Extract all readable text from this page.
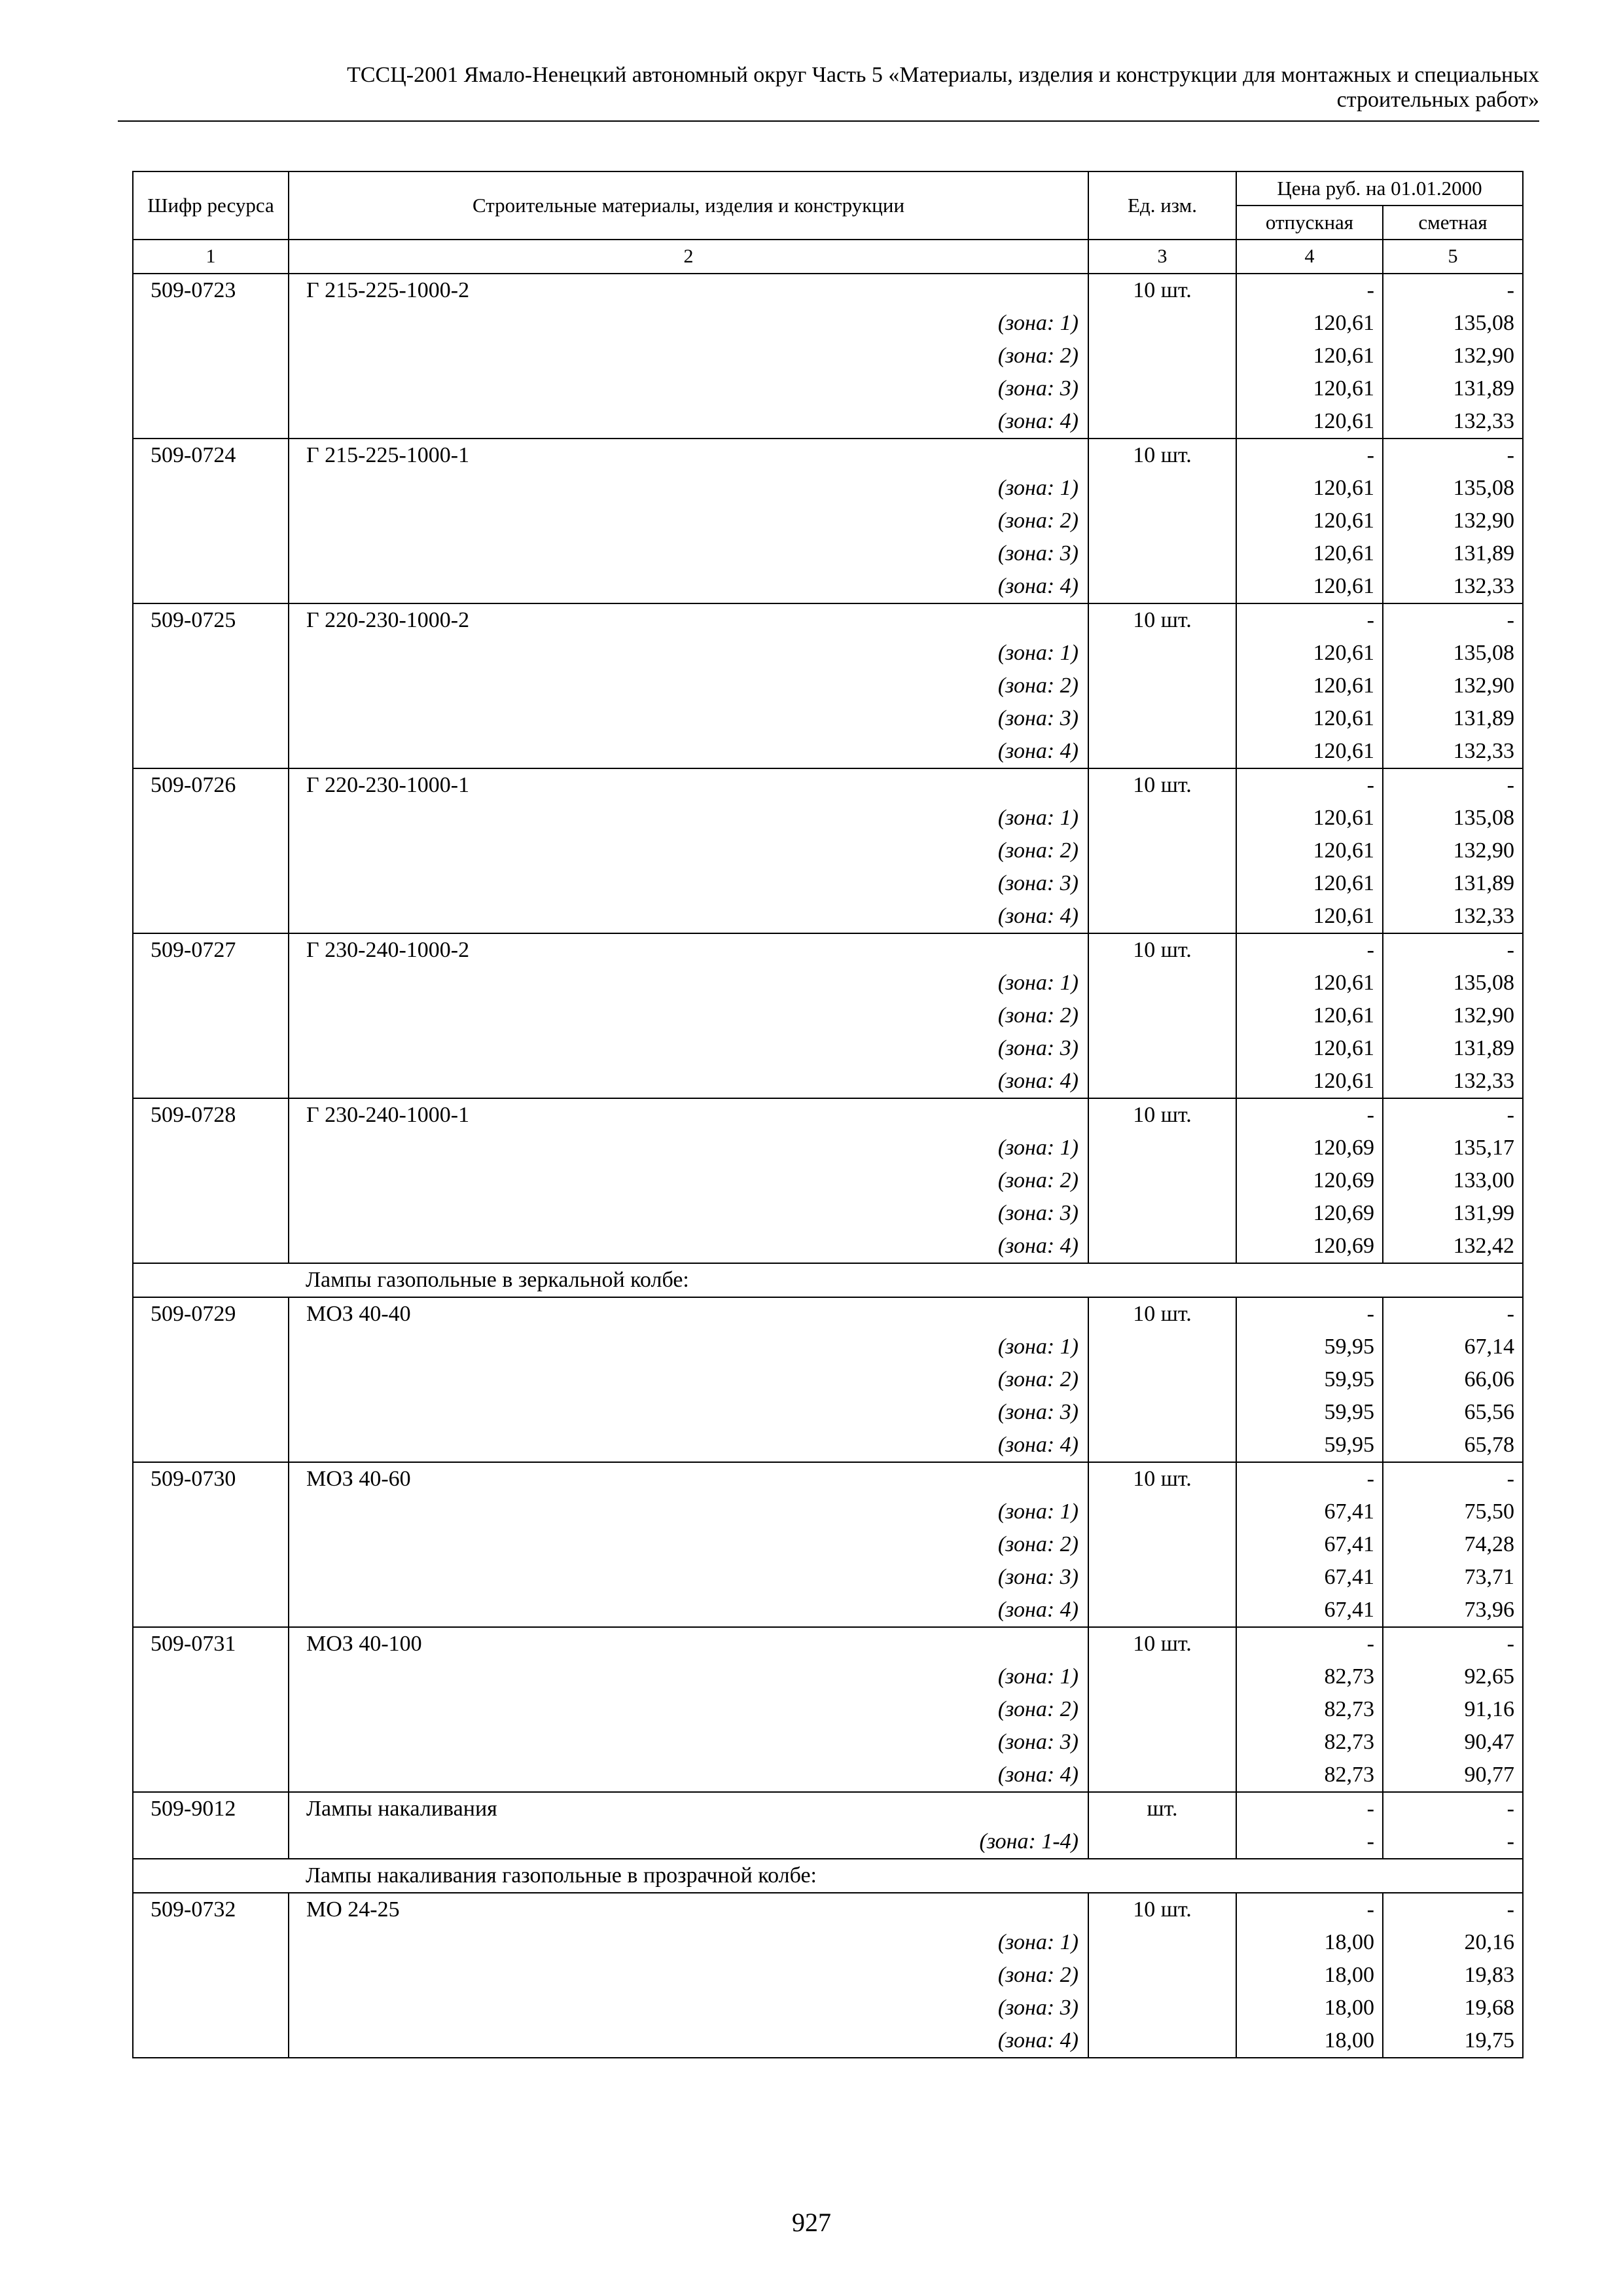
ТССЦ-2001 Ямало-Ненецкий автономный округ Часть 5 «Материалы, изделия и конструкции для монтажных и специальных
строительных работ»
Шифр ресурса	Строительные материалы, изделия и конструкции	Ед. изм.	Цена руб. на 01.01.2000	
			отпускная	сметная
1	2	3	4	5
509-0723	Г 215-225-1000-2	10 шт.	-	-
	(зона: 1)		120,61	135,08
	(зона: 2)		120,61	132,90
	(зона: 3)		120,61	131,89
	(зона: 4)		120,61	132,33
509-0724	Г 215-225-1000-1	10 шт.	-	-
	(зона: 1)		120,61	135,08
	(зона: 2)		120,61	132,90
	(зона: 3)		120,61	131,89
	(зона: 4)		120,61	132,33
509-0725	Г 220-230-1000-2	10 шт.	-	-
	(зона: 1)		120,61	135,08
	(зона: 2)		120,61	132,90
	(зона: 3)		120,61	131,89
	(зона: 4)		120,61	132,33
509-0726	Г 220-230-1000-1	10 шт.	-	-
	(зона: 1)		120,61	135,08
	(зона: 2)		120,61	132,90
	(зона: 3)		120,61	131,89
	(зона: 4)		120,61	132,33
509-0727	Г 230-240-1000-2	10 шт.	-	-
	(зона: 1)		120,61	135,08
	(зона: 2)		120,61	132,90
	(зона: 3)		120,61	131,89
	(зона: 4)		120,61	132,33
509-0728	Г 230-240-1000-1	10 шт.	-	-
	(зона: 1)		120,69	135,17
	(зона: 2)		120,69	133,00
	(зона: 3)		120,69	131,99
	(зона: 4)		120,69	132,42
	Лампы газопольные в зеркальной колбе:			
509-0729	МОЗ 40-40	10 шт.	-	-
	(зона: 1)		59,95	67,14
	(зона: 2)		59,95	66,06
	(зона: 3)		59,95	65,56
	(зона: 4)		59,95	65,78
509-0730	МОЗ 40-60	10 шт.	-	-
	(зона: 1)		67,41	75,50
	(зона: 2)		67,41	74,28
	(зона: 3)		67,41	73,71
	(зона: 4)		67,41	73,96
509-0731	МОЗ 40-100	10 шт.	-	-
	(зона: 1)		82,73	92,65
	(зона: 2)		82,73	91,16
	(зона: 3)		82,73	90,47
	(зона: 4)		82,73	90,77
509-9012	Лампы накаливания	шт.	-	-
	(зона: 1-4)		-	-
	Лампы накаливания газопольные в прозрачной колбе:			
509-0732	МО 24-25	10 шт.	-	-
	(зона: 1)		18,00	20,16
	(зона: 2)		18,00	19,83
	(зона: 3)		18,00	19,68
	(зона: 4)		18,00	19,75
927
